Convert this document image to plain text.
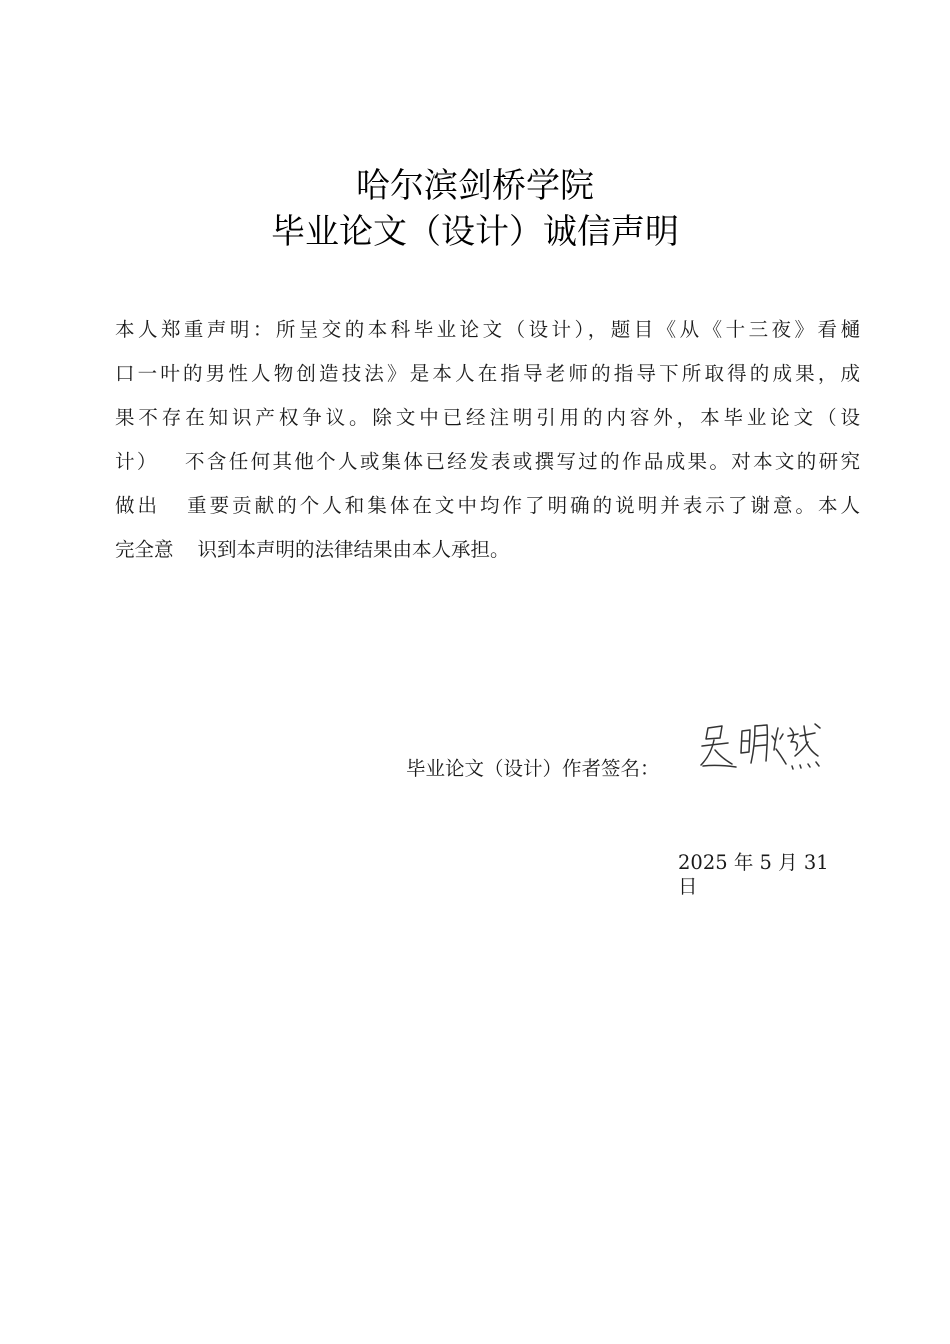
哈尔滨剑桥学院
毕业论文（设计）诚信声明
本人郑重声明：所呈交的本科毕业论文（设计），题目《从《十三夜》看樋
口一叶的男性人物创造技法》是本人在指导老师的指导下所取得的成果，成
果不存在知识产权争议。除文中已经注明引用的内容外，本毕业论文（设
计） 不含任何其他个人或集体已经发表或撰写过的作品成果。对本文的研究
做出 重要贡献的个人和集体在文中均作了明确的说明并表示了谢意。本人
完全意 识到本声明的法律结果由本人承担。
毕业论文（设计）作者签名：
2025 年 5 月 31 日
